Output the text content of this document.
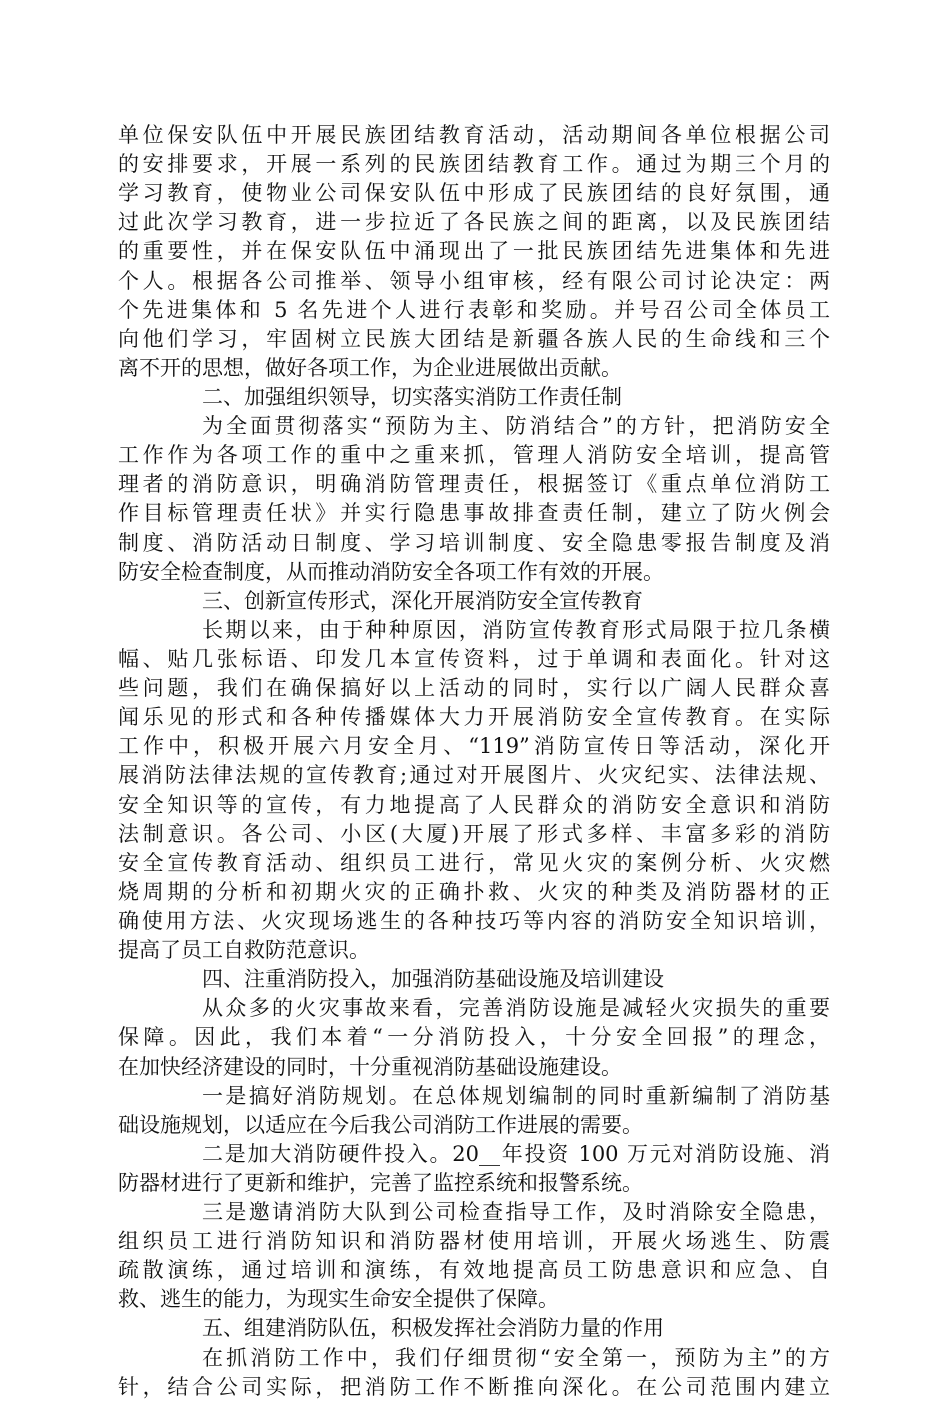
单位保安队伍中开展民族团结教育活动，活动期间各单位根据公司
的安排要求，开展一系列的民族团结教育工作。通过为期三个月的
学习教育，使物业公司保安队伍中形成了民族团结的良好氛围，通
过此次学习教育，进一步拉近了各民族之间的距离，以及民族团结
的重要性，并在保安队伍中涌现出了一批民族团结先进集体和先进
个人。根据各公司推举、领导小组审核，经有限公司讨论决定：两
个先进集体和 5 名先进个人进行表彰和奖励。并号召公司全体员工
向他们学习，牢固树立民族大团结是新疆各族人民的生命线和三个
离不开的思想，做好各项工作，为企业进展做出贡献。
二、加强组织领导，切实落实消防工作责任制
为全面贯彻落实“预防为主、防消结合”的方针，把消防安全
工作作为各项工作的重中之重来抓，管理人消防安全培训，提高管
理者的消防意识，明确消防管理责任，根据签订《重点单位消防工
作目标管理责任状》并实行隐患事故排查责任制，建立了防火例会
制度、消防活动日制度、学习培训制度、安全隐患零报告制度及消
防安全检查制度，从而推动消防安全各项工作有效的开展。
三、创新宣传形式，深化开展消防安全宣传教育
长期以来，由于种种原因，消防宣传教育形式局限于拉几条横
幅、贴几张标语、印发几本宣传资料，过于单调和表面化。针对这
些问题，我们在确保搞好以上活动的同时，实行以广阔人民群众喜
闻乐见的形式和各种传播媒体大力开展消防安全宣传教育。在实际
工作中，积极开展六月安全月、“119”消防宣传日等活动，深化开
展消防法律法规的宣传教育;通过对开展图片、火灾纪实、法律法规、
安全知识等的宣传，有力地提高了人民群众的消防安全意识和消防
法制意识。各公司、小区(大厦)开展了形式多样、丰富多彩的消防
安全宣传教育活动、组织员工进行，常见火灾的案例分析、火灾燃
烧周期的分析和初期火灾的正确扑救、火灾的种类及消防器材的正
确使用方法、火灾现场逃生的各种技巧等内容的消防安全知识培训，
提高了员工自救防范意识。
四、注重消防投入，加强消防基础设施及培训建设
从众多的火灾事故来看，完善消防设施是减轻火灾损失的重要
保障。因此，我们本着“一分消防投入，十分安全回报”的理念，
在加快经济建设的同时，十分重视消防基础设施建设。
一是搞好消防规划。在总体规划编制的同时重新编制了消防基
础设施规划，以适应在今后我公司消防工作进展的需要。
二是加大消防硬件投入。20__年投资 100 万元对消防设施、消
防器材进行了更新和维护，完善了监控系统和报警系统。
三是邀请消防大队到公司检查指导工作，及时消除安全隐患，
组织员工进行消防知识和消防器材使用培训，开展火场逃生、防震
疏散演练，通过培训和演练，有效地提高员工防患意识和应急、自
救、逃生的能力，为现实生命安全提供了保障。
五、组建消防队伍，积极发挥社会消防力量的作用
在抓消防工作中，我们仔细贯彻“安全第一，预防为主”的方
针，结合公司实际，把消防工作不断推向深化。在公司范围内建立
